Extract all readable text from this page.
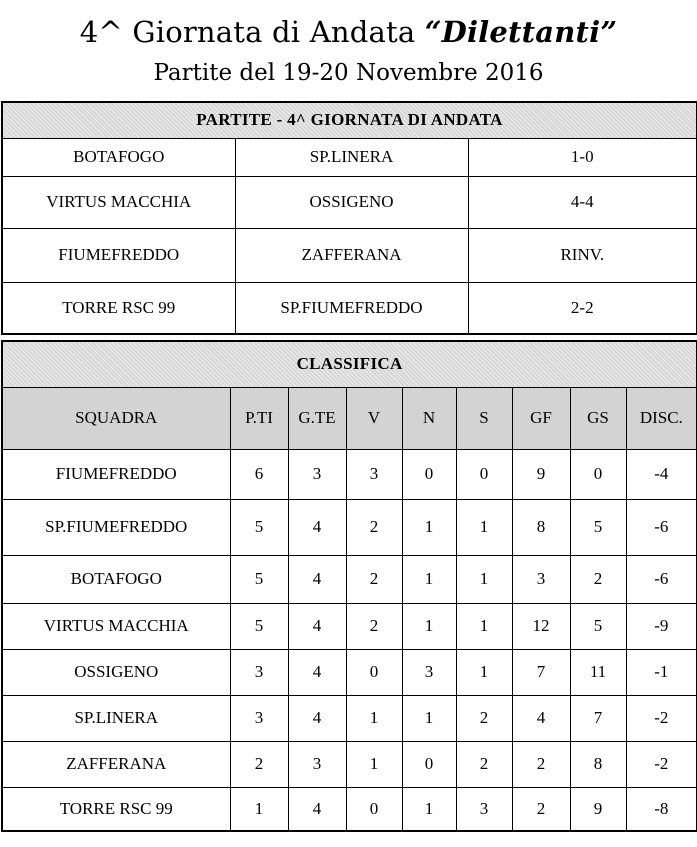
4^ Giornata di Andata “Dilettanti”
Partite del 19-20 Novembre 2016
PARTITE - 4^ GIORNATA DI ANDATA		
BOTAFOGO	SP.LINERA	1-0
VIRTUS MACCHIA	OSSIGENO	4-4
FIUMEFREDDO	ZAFFERANA	RINV.
TORRE RSC 99	SP.FIUMEFREDDO	2-2
CLASSIFICA								
SQUADRA	P.TI	G.TE	V	N	S	GF	GS	DISC.
FIUMEFREDDO	6	3	3	0	0	9	0	-4
SP.FIUMEFREDDO	5	4	2	1	1	8	5	-6
BOTAFOGO	5	4	2	1	1	3	2	-6
VIRTUS MACCHIA	5	4	2	1	1	12	5	-9
OSSIGENO	3	4	0	3	1	7	11	-1
SP.LINERA	3	4	1	1	2	4	7	-2
ZAFFERANA	2	3	1	0	2	2	8	-2
TORRE RSC 99	1	4	0	1	3	2	9	-8
